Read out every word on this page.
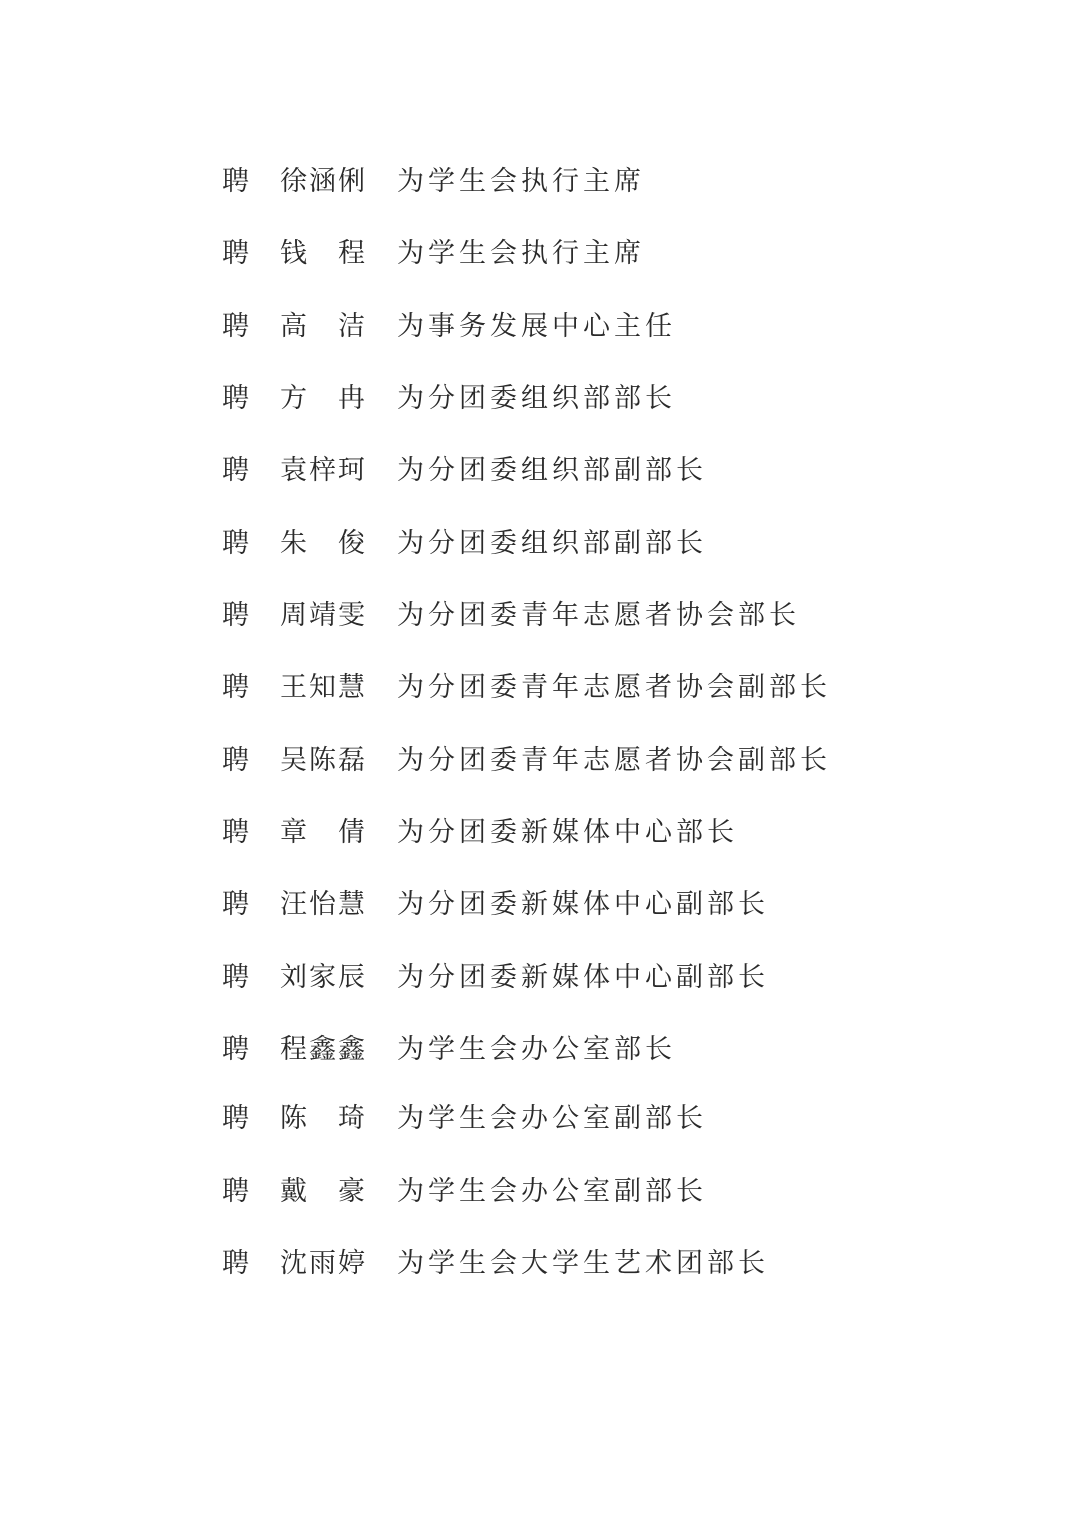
聘	徐涵俐 为学生会执行主席
聘	钱 程 为学生会执行主席
聘	高 洁 为事务发展中心主任
聘	方 冉 为分团委组织部部长
聘	袁梓珂 为分团委组织部副部长
聘	朱 俊 为分团委组织部副部长
聘	周靖雯 为分团委青年志愿者协会部长
聘	王知慧 为分团委青年志愿者协会副部长
聘	吴陈磊 为分团委青年志愿者协会副部长
聘	章 倩 为分团委新媒体中心部长
聘	汪怡慧 为分团委新媒体中心副部长
聘	刘家辰 为分团委新媒体中心副部长
聘	程鑫鑫 为学生会办公室部长
聘	陈 琦 为学生会办公室副部长
聘	戴 豪 为学生会办公室副部长
聘	沈雨婷 为学生会大学生艺术团部长
